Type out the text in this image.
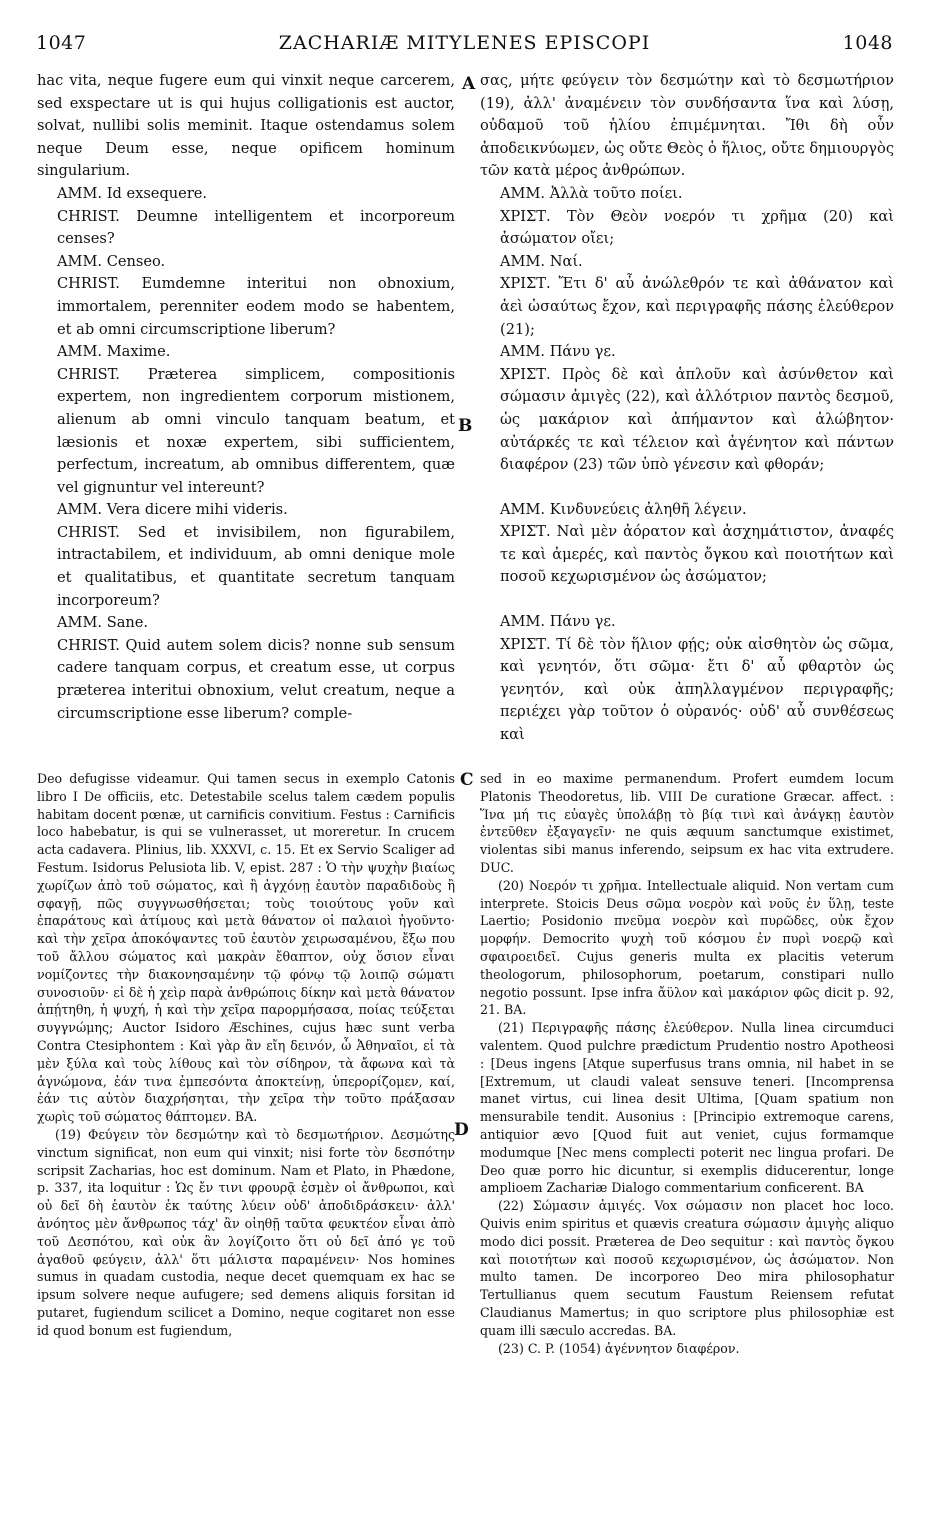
1047	ZACHARIÆ MITYLENES EPISCOPI	1048
A
B
C
D

hac vita, neque fugere eum qui vinxit neque carcerem, sed exspectare ut is qui hujus colligationis est auctor, solvat, nullibi solis meminit. Itaque ostendamus solem neque Deum esse, neque opificem hominum singularium.

AMM. Id exsequere.

CHRIST. Deumne intelligentem et incorporeum censes?

AMM. Censeo.

CHRIST. Eumdemne interitui non obnoxium, immortalem, perenniter eodem modo se habentem, et ab omni circumscriptione liberum?

AMM. Maxime.

CHRIST. Præterea simplicem, compositionis expertem, non ingredientem corporum mistionem, alienum ab omni vinculo tanquam beatum, et læsionis et noxæ expertem, sibi sufficientem, perfectum, increatum, ab omnibus differentem, quæ vel gignuntur vel intereunt?

AMM. Vera dicere mihi videris.

CHRIST. Sed et invisibilem, non figurabilem, intractabilem, et individuum, ab omni denique mole et qualitatibus, et quantitate secretum tanquam incorporeum?

AMM. Sane.

CHRIST. Quid autem solem dicis? nonne sub sensum cadere tanquam corpus, et creatum esse, ut corpus præterea interitui obnoxium, velut creatum, neque a circumscriptione esse liberum? comple-

σας, μήτε φεύγειν τὸν δεσμώτην καὶ τὸ δεσμωτήριον (19), ἀλλ' ἀναμένειν τὸν συνδήσαντα ἵνα καὶ λύσῃ, οὐδαμοῦ τοῦ ἡλίου ἐπιμέμνηται. Ἴθι δὴ οὖν ἀποδεικνύωμεν, ὡς οὔτε Θεὸς ὁ ἥλιος, οὔτε δημιουργὸς τῶν κατὰ μέρος ἀνθρώπων.

ΑΜΜ. Ἀλλὰ τοῦτο ποίει.

ΧΡΙΣΤ. Τὸν Θεὸν νοερόν τι χρῆμα (20) καὶ ἀσώματον οἴει;

ΑΜΜ. Ναί.

ΧΡΙΣΤ. Ἔτι δ' αὖ ἀνώλεθρόν τε καὶ ἀθάνατον καὶ ἀεὶ ὡσαύτως ἔχον, καὶ περιγραφῆς πάσης ἐλεύθερον (21);

ΑΜΜ. Πάνυ γε.

ΧΡΙΣΤ. Πρὸς δὲ καὶ ἁπλοῦν καὶ ἀσύνθετον καὶ σώμασιν ἀμιγὲς (22), καὶ ἀλλότριον παντὸς δεσμοῦ, ὡς μακάριον καὶ ἀπήμαντον καὶ ἀλώβητον· αὐτάρκές τε καὶ τέλειον καὶ ἀγένητον καὶ πάντων διαφέρον (23) τῶν ὑπὸ γένεσιν καὶ φθοράν;

ΑΜΜ. Κινδυνεύεις ἀληθῆ λέγειν.

ΧΡΙΣΤ. Ναὶ μὲν ἀόρατον καὶ ἀσχημάτιστον, ἀναφές τε καὶ ἀμερές, καὶ παντὸς ὄγκου καὶ ποιοτήτων καὶ ποσοῦ κεχωρισμένον ὡς ἀσώματον;

ΑΜΜ. Πάνυ γε.

ΧΡΙΣΤ. Τί δὲ τὸν ἥλιον φῄς; οὐκ αἰσθητὸν ὡς σῶμα, καὶ γενητόν, ὅτι σῶμα· ἔτι δ' αὖ φθαρτὸν ὡς γενητόν, καὶ οὐκ ἀπηλλαγμένον περιγραφῆς; περιέχει γὰρ τοῦτον ὁ οὐρανός· οὐδ' αὖ συνθέσεως καὶ

Deo defugisse videamur. Qui tamen secus in exemplo Catonis libro I De officiis, etc. Detestabile scelus talem cædem populis habitam docent pœnæ, ut carnificis convitium. Festus : Carnificis loco habebatur, is qui se vulnerasset, ut moreretur. In crucem acta cadavera. Plinius, lib. XXXVI, c. 15. Et ex Servio Scaliger ad Festum. Isidorus Pelusiota lib. V, epist. 287 : Ὁ τὴν ψυχὴν βιαίως χωρίζων ἀπὸ τοῦ σώματος, καὶ ἢ ἀγχόνῃ ἑαυτὸν παραδιδοὺς ἢ σφαγῇ, πῶς συγγνωσθήσεται; τοὺς τοιούτους γοῦν καὶ ἐπαράτους καὶ ἀτίμους καὶ μετὰ θάνατον οἱ παλαιοὶ ἡγοῦντο· καὶ τὴν χεῖρα ἀποκόψαντες τοῦ ἑαυτὸν χειρωσαμένου, ἔξω που τοῦ ἄλλου σώματος καὶ μακρὰν ἔθαπτον, οὐχ ὅσιον εἶναι νομίζοντες τὴν διακονησαμένην τῷ φόνῳ τῷ λοιπῷ σώματι συνοσιοῦν· εἰ δὲ ἡ χεὶρ παρὰ ἀνθρώποις δίκην καὶ μετὰ θάνατον ἀπῄτηθη, ἡ ψυχή, ἡ καὶ τὴν χεῖρα παρορμήσασα, ποίας τεύξεται συγγνώμης; Auctor Isidoro Æschines, cujus hæc sunt verba Contra Ctesiphontem : Καὶ γὰρ ἂν εἴη δεινόν, ὦ Ἀθηναῖοι, εἰ τὰ μὲν ξύλα καὶ τοὺς λίθους καὶ τὸν σίδηρον, τὰ ἄφωνα καὶ τὰ ἀγνώμονα, ἐάν τινα ἐμπεσόντα ἀποκτείνῃ, ὑπερορίζομεν, καί, ἐάν τις αὐτὸν διαχρήσηται, τὴν χεῖρα τὴν τοῦτο πράξασαν χωρὶς τοῦ σώματος θάπτομεν. BA.

(19) Φεύγειν τὸν δεσμώτην καὶ τὸ δεσμωτήριον. Δεσμώτης vinctum significat, non eum qui vinxit; nisi forte τὸν δεσπότην scripsit Zacharias, hoc est dominum. Nam et Plato, in Phædone, p. 337, ita loquitur : Ὡς ἔν τινι φρουρᾷ ἐσμὲν οἱ ἄνθρωποι, καὶ οὐ δεῖ δὴ ἑαυτὸν ἐκ ταύτης λύειν οὐδ' ἀποδιδράσκειν· ἀλλ' ἀνόητος μὲν ἄνθρωπος τάχ' ἂν οἰηθῇ ταῦτα φευκτέον εἶναι ἀπὸ τοῦ Δεσπότου, καὶ οὐκ ἂν λογίζοιτο ὅτι οὐ δεῖ ἀπό γε τοῦ ἀγαθοῦ φεύγειν, ἀλλ' ὅτι μάλιστα παραμένειν· Nos homines sumus in quadam custodia, neque decet quemquam ex hac se ipsum solvere neque aufugere; sed demens aliquis forsitan id putaret, fugiendum scilicet a Domino, neque cogitaret non esse id quod bonum est fugiendum,

sed in eo maxime permanendum. Profert eumdem locum Platonis Theodoretus, lib. VIII De curatione Græcar. affect. : Ἵνα μή τις εὐαγὲς ὑπολάβῃ τὸ βίᾳ τινὶ καὶ ἀνάγκῃ ἑαυτὸν ἐντεῦθεν ἐξαγαγεῖν· ne quis æquum sanctumque existimet, violentas sibi manus inferendo, seipsum ex hac vita extrudere. DUC.

(20) Νοερόν τι χρῆμα. Intellectuale aliquid. Non vertam cum interprete. Stoicis Deus σῶμα νοερὸν καὶ νοῦς ἐν ὕλῃ, teste Laertio; Posidonio πνεῦμα νοερὸν καὶ πυρῶδες, οὐκ ἔχον μορφήν. Democrito ψυχὴ τοῦ κόσμου ἐν πυρὶ νοερῷ καὶ σφαιροειδεῖ. Cujus generis multa ex placitis veterum theologorum, philosophorum, poetarum, constipari nullo negotio possunt. Ipse infra ἄϋλον καὶ μακάριον φῶς dicit p. 92, 21. BA.

(21) Περιγραφῆς πάσης ἐλεύθερον. Nulla linea circumduci valentem. Quod pulchre prædictum Prudentio nostro Apotheosi : [Deus ingens [Atque superfusus trans omnia, nil habet in se [Extremum, ut claudi valeat sensuve teneri. [Incomprensa manet virtus, cui linea desit Ultima, [Quam spatium non mensurabile tendit. Ausonius : [Principio extremoque carens, antiquior ævo [Quod fuit aut veniet, cujus formamque modumque [Nec mens complecti poterit nec lingua profari. De Deo quæ porro hic dicuntur, si exemplis diducerentur, longe amplioem Zachariæ Dialogo commentarium conficerent. BA

(22) Σώμασιν ἀμιγές. Vox σώμασιν non placet hoc loco. Quivis enim spiritus et quævis creatura σώμασιν ἀμιγὴς aliquo modo dici possit. Præterea de Deo sequitur : καὶ παντὸς ὄγκου καὶ ποιοτήτων καὶ ποσοῦ κεχωρισμένον, ὡς ἀσώματον. Non multo tamen. De incorporeo Deo mira philosophatur Tertullianus quem secutum Faustum Reiensem refutat Claudianus Mamertus; in quo scriptore plus philosophiæ est quam illi sæculo accredas. BA.

(23) C. P. (1054) ἀγέννητον διαφέρον.
